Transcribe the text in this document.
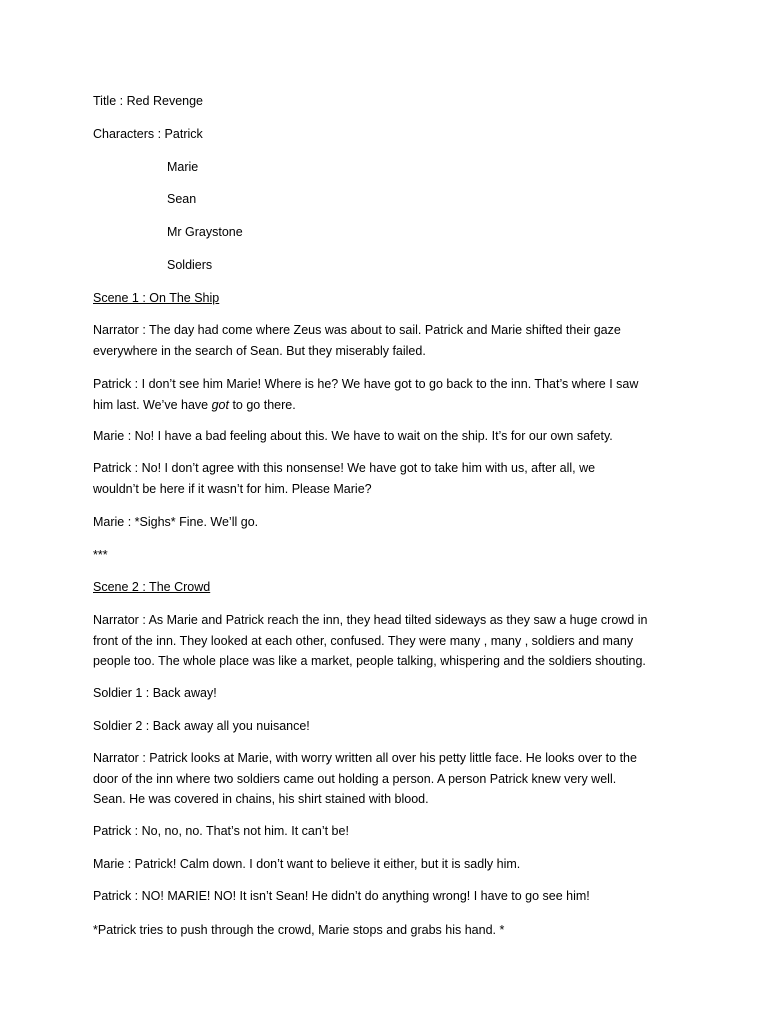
Title : Red Revenge
Characters : Patrick
Marie
Sean
Mr Graystone
Soldiers
Scene 1 : On The Ship
Narrator : The day had come where Zeus was about to sail. Patrick and Marie shifted their gaze
everywhere in the search of Sean. But they miserably failed.
Patrick : I don’t see him Marie! Where is he? We have got to go back to the inn. That’s where I saw
him last. We’ve have got to go there.
Marie : No! I have a bad feeling about this. We have to wait on the ship. It’s for our own safety.
Patrick : No! I don’t agree with this nonsense! We have got to take him with us, after all, we
wouldn’t be here if it wasn’t for him. Please Marie?
Marie : *Sighs* Fine. We’ll go.
***
Scene 2 : The Crowd
Narrator : As Marie and Patrick reach the inn, they head tilted sideways as they saw a huge crowd in
front of the inn. They looked at each other, confused. They were many , many , soldiers and many
people too. The whole place was like a market, people talking, whispering and the soldiers shouting.
Soldier 1 : Back away!
Soldier 2 : Back away all you nuisance!
Narrator : Patrick looks at Marie, with worry written all over his petty little face. He looks over to the
door of the inn where two soldiers came out holding a person. A person Patrick knew very well.
Sean. He was covered in chains, his shirt stained with blood.
Patrick : No, no, no. That’s not him. It can’t be!
Marie : Patrick! Calm down. I don’t want to believe it either, but it is sadly him.
Patrick : NO! MARIE! NO! It isn’t Sean! He didn’t do anything wrong! I have to go see him!
*Patrick tries to push through the crowd, Marie stops and grabs his hand. *
